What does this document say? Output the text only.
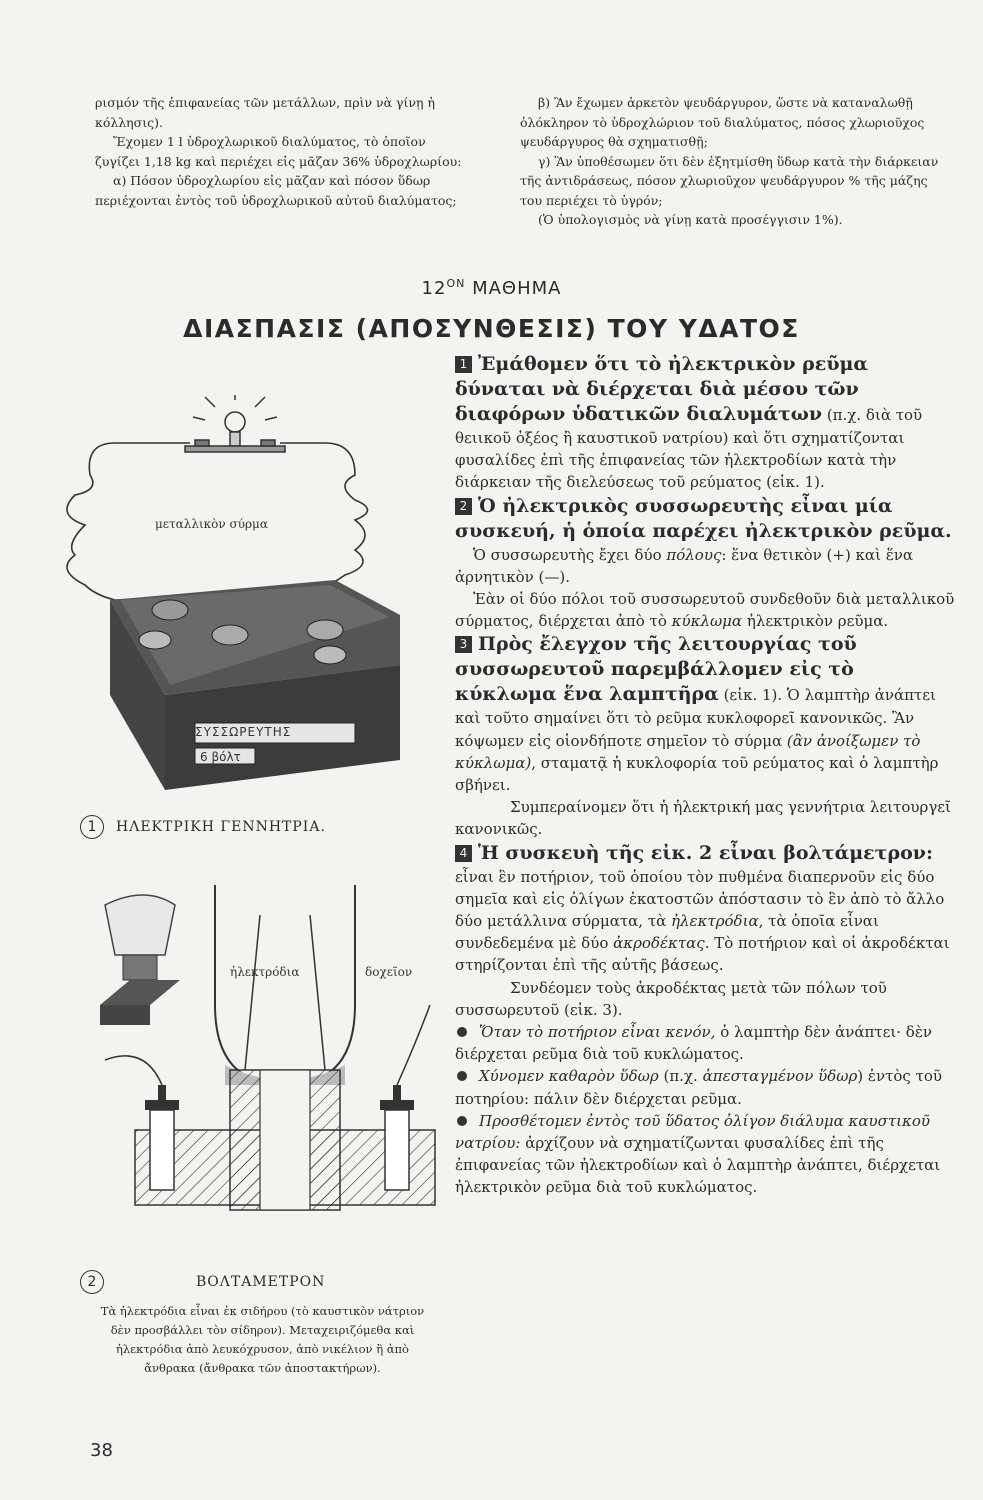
ρισμόν τῆς ἐπιφανείας τῶν μετάλλων, πρὶν νὰ γίνῃ ἡ κόλλησις).

Ἔχομεν 1 l ὑδροχλωρικοῦ διαλύματος, τὸ ὁποῖον ζυγίζει 1,18 kg καὶ περιέχει εἰς μᾶζαν 36% ὑδροχλωρίου:

α) Πόσον ὑδροχλωρίου εἰς μᾶζαν καὶ πόσον ὕδωρ περιέχονται ἐντὸς τοῦ ὑδροχλωρικοῦ αὐτοῦ διαλύματος;

β) Ἂν ἔχωμεν ἀρκετὸν ψευδάργυρον, ὥστε νὰ καταναλωθῇ ὁλόκληρον τὸ ὑδροχλώριον τοῦ διαλύματος, πόσος χλωριοῦχος ψευδάργυρος θὰ σχηματισθῇ;

γ) Ἂν ὑποθέσωμεν ὅτι δὲν ἐξητμίσθη ὕδωρ κατὰ τὴν διάρκειαν τῆς ἀντιδράσεως, πόσον χλωριοῦχον ψευδάργυρον % τῆς μάζης του περιέχει τὸ ὑγρόν;

(Ὁ ὑπολογισμὸς νὰ γίνῃ κατὰ προσέγγισιν 1%).

$12^{ON}$ ΜΑΘΗΜΑ
ΔΙΑΣΠΑΣΙΣ (ΑΠΟΣΥΝΘΕΣΙΣ) ΤΟΥ ΥΔΑΤΟΣ
μεταλλικὸν σύρμα
ΣΥΣΣΩΡΕΥΤΗΣ
6 βόλτ
1 ΗΛΕΚΤΡΙΚΗ ΓΕΝΝΗΤΡΙΑ.
ἠλεκτρόδια	δοχεῖον
2	ΒΟΛΤΑΜΕΤΡΟΝ
Τὰ ἠλεκτρόδια εἶναι ἐκ σιδήρου (τὸ καυστικὸν νάτριον δὲν προσβάλλει τὸν σίδηρον). Μεταχειριζόμεθα καὶ ἠλεκτρόδια ἀπὸ λευκόχρυσον, ἀπὸ νικέλιον ἢ ἀπὸ ἄνθρακα (ἄνθρακα τῶν ἀποστακτήρων).

1 Ἐμάθομεν ὅτι τὸ ἠλεκτρικὸν ρεῦμα δύναται νὰ διέρχεται διὰ μέσου τῶν διαφόρων ὑδατικῶν διαλυμάτων (π.χ. διὰ τοῦ θειικοῦ ὀξέος ἢ καυστικοῦ νατρίου) καὶ ὅτι σχηματίζονται φυσαλίδες ἐπὶ τῆς ἐπιφανείας τῶν ἠλεκτροδίων κατὰ τὴν διάρκειαν τῆς διελεύσεως τοῦ ρεύματος (εἰκ. 1).

2 Ὁ ἠλεκτρικὸς συσσωρευτὴς εἶναι μία συσκευή, ἡ ὁποία παρέχει ἠλεκτρικὸν ρεῦμα.

Ὁ συσσωρευτὴς ἔχει δύο πόλους: ἕνα θετικὸν (+) καὶ ἕνα ἀρνητικὸν (—).

Ἐὰν οἱ δύο πόλοι τοῦ συσσωρευτοῦ συνδεθοῦν διὰ μεταλλικοῦ σύρματος, διέρχεται ἀπὸ τὸ κύκλωμα ἠλεκτρικὸν ρεῦμα.

3 Πρὸς ἔλεγχον τῆς λειτουργίας τοῦ συσσωρευτοῦ παρεμβάλλομεν εἰς τὸ κύκλωμα ἕνα λαμπτῆρα (εἰκ. 1). Ὁ λαμπτὴρ ἀνάπτει καὶ τοῦτο σημαίνει ὅτι τὸ ρεῦμα κυκλοφορεῖ κανονικῶς. Ἂν κόψωμεν εἰς οἱονδήποτε σημεῖον τὸ σύρμα (ἂν ἀνοίξωμεν τὸ κύκλωμα), σταματᾷ ἡ κυκλοφορία τοῦ ρεύματος καὶ ὁ λαμπτὴρ σβήνει.

Συμπεραίνομεν ὅτι ἡ ἠλεκτρική μας γεννήτρια λειτουργεῖ κανονικῶς.

4 Ἡ συσκευὴ τῆς εἰκ. 2 εἶναι βολτάμετρον: εἶναι ἓν ποτήριον, τοῦ ὁποίου τὸν πυθμένα διαπερνοῦν εἰς δύο σημεῖα καὶ εἰς ὀλίγων ἑκατοστῶν ἀπόστασιν τὸ ἓν ἀπὸ τὸ ἄλλο δύο μετάλλινα σύρματα, τὰ ἠλεκτρόδια, τὰ ὁποῖα εἶναι συνδεδεμένα μὲ δύο ἀκροδέκτας. Τὸ ποτήριον καὶ οἱ ἀκροδέκται στηρίζονται ἐπὶ τῆς αὐτῆς βάσεως.

Συνδέομεν τοὺς ἀκροδέκτας μετὰ τῶν πόλων τοῦ συσσωρευτοῦ (εἰκ. 3).

Ὅταν τὸ ποτήριον εἶναι κενόν, ὁ λαμπτὴρ δὲν ἀνάπτει· δὲν διέρχεται ρεῦμα διὰ τοῦ κυκλώματος.

Χύνομεν καθαρὸν ὕδωρ (π.χ. ἀπεσταγμένον ὕδωρ) ἐντὸς τοῦ ποτηρίου: πάλιν δὲν διέρχεται ρεῦμα.

Προσθέτομεν ἐντὸς τοῦ ὕδατος ὀλίγον διάλυμα καυστικοῦ νατρίου: ἀρχίζουν νὰ σχηματίζωνται φυσαλίδες ἐπὶ τῆς ἐπιφανείας τῶν ἠλεκτροδίων καὶ ὁ λαμπτὴρ ἀνάπτει, διέρχεται ἠλεκτρικὸν ρεῦμα διὰ τοῦ κυκλώματος.

38
